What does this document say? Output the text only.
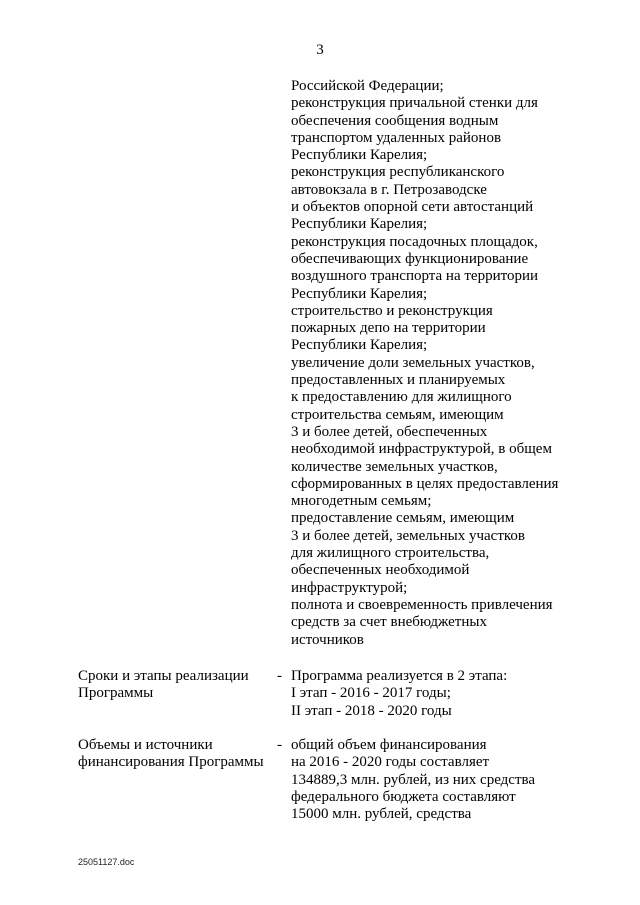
3
Российской Федерации;
реконструкция причальной стенки для
обеспечения сообщения водным
транспортом удаленных районов
Республики Карелия;
реконструкция республиканского
автовокзала в г. Петрозаводске
и объектов опорной сети автостанций
Республики Карелия;
реконструкция посадочных площадок,
обеспечивающих функционирование
воздушного транспорта на территории
Республики Карелия;
строительство и реконструкция
пожарных депо на территории
Республики Карелия;
увеличение доли земельных участков,
предоставленных и планируемых
к предоставлению для жилищного
строительства семьям, имеющим
3 и более детей, обеспеченных
необходимой инфраструктурой, в общем
количестве земельных участков,
сформированных в целях предоставления
многодетным семьям;
предоставление семьям, имеющим
3 и более детей, земельных участков
для жилищного строительства,
обеспеченных необходимой
инфраструктурой;
полнота и своевременность привлечения
средств за счет внебюджетных
источников
Сроки и этапы реализации
Программы
- Программа реализуется в 2 этапа:
I этап - 2016 - 2017 годы;
II этап - 2018 - 2020 годы
Объемы и источники
финансирования Программы
- общий объем финансирования
на 2016 - 2020 годы составляет
134889,3 млн. рублей, из них средства
федерального бюджета составляют
15000 млн. рублей, средства
25051127.doc
